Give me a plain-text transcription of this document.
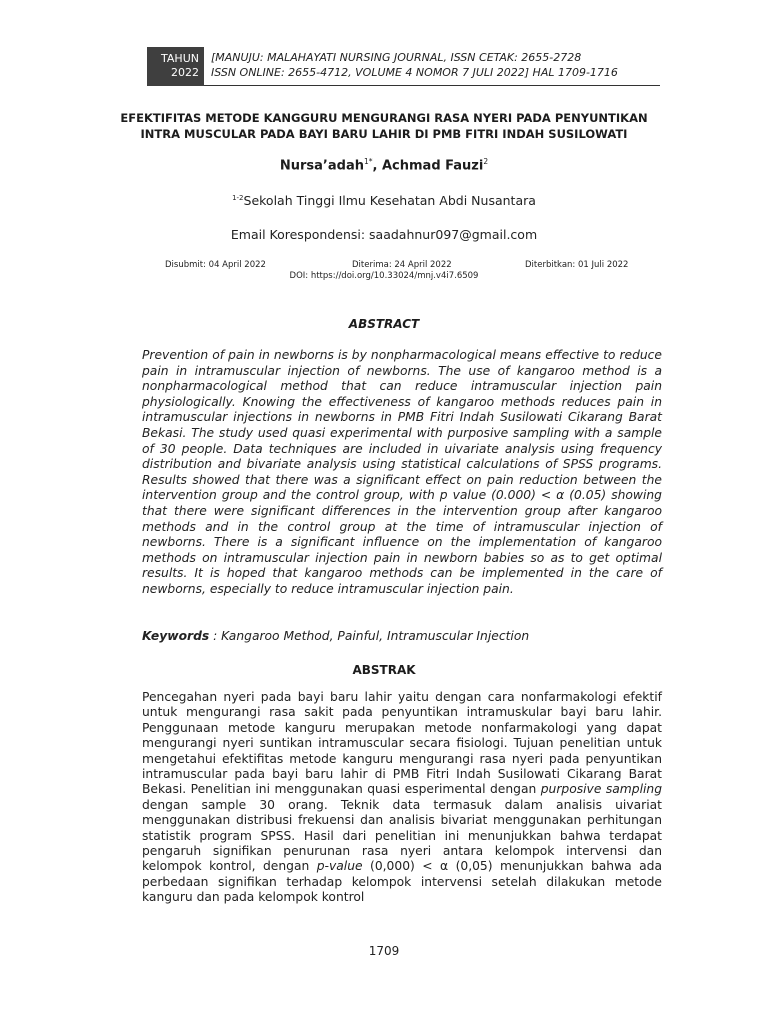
TAHUN
2022
[MANUJU: MALAHAYATI NURSING JOURNAL, ISSN CETAK: 2655-2728
ISSN ONLINE: 2655-4712, VOLUME 4 NOMOR 7 JULI 2022] HAL 1709-1716
EFEKTIFITAS METODE KANGGURU MENGURANGI RASA NYERI PADA PENYUNTIKAN
INTRA MUSCULAR PADA BAYI BARU LAHIR DI PMB FITRI INDAH SUSILOWATI
Nursa’adah$^{1*}$, Achmad Fauzi$^2$
$^{1-2}$Sekolah Tinggi Ilmu Kesehatan Abdi Nusantara
Email Korespondensi: saadahnur097@gmail.com
Disubmit: 04 April 2022	Diterima: 24 April 2022	Diterbitkan: 01 Juli 2022
DOI: https://doi.org/10.33024/mnj.v4i7.6509
ABSTRACT
Prevention of pain in newborns is by nonpharmacological means effective to reduce pain in intramuscular injection of newborns. The use of kangaroo method is a nonpharmacological method that can reduce intramuscular injection pain physiologically. Knowing the effectiveness of kangaroo methods reduces pain in intramuscular injections in newborns in PMB Fitri Indah Susilowati Cikarang Barat Bekasi. The study used quasi experimental with purposive sampling with a sample of 30 people. Data techniques are included in uivariate analysis using frequency distribution and bivariate analysis using statistical calculations of SPSS programs. Results showed that there was a significant effect on pain reduction between the intervention group and the control group, with p value (0.000) < α (0.05) showing that there were significant differences in the intervention group after kangaroo methods and in the control group at the time of intramuscular injection of newborns. There is a significant influence on the implementation of kangaroo methods on intramuscular injection pain in newborn babies so as to get optimal results. It is hoped that kangaroo methods can be implemented in the care of newborns, especially to reduce intramuscular injection pain.
Keywords : Kangaroo Method, Painful, Intramuscular Injection
ABSTRAK
Pencegahan nyeri pada bayi baru lahir yaitu dengan cara nonfarmakologi efektif untuk mengurangi rasa sakit pada penyuntikan intramuskular bayi baru lahir. Penggunaan metode kanguru merupakan metode nonfarmakologi yang dapat mengurangi nyeri suntikan intramuscular secara fisiologi. Tujuan penelitian untuk mengetahui efektifitas metode kanguru mengurangi rasa nyeri pada penyuntikan intramuscular pada bayi baru lahir di PMB Fitri Indah Susilowati Cikarang Barat Bekasi. Penelitian ini menggunakan quasi esperimental dengan purposive sampling dengan sample 30 orang. Teknik data termasuk dalam analisis uivariat menggunakan distribusi frekuensi dan analisis bivariat menggunakan perhitungan statistik program SPSS. Hasil dari penelitian ini menunjukkan bahwa terdapat pengaruh signifikan penurunan rasa nyeri antara kelompok intervensi dan kelompok kontrol, dengan p-value (0,000) < α (0,05) menunjukkan bahwa ada perbedaan signifikan terhadap kelompok intervensi setelah dilakukan metode kanguru dan pada kelompok kontrol
1709
